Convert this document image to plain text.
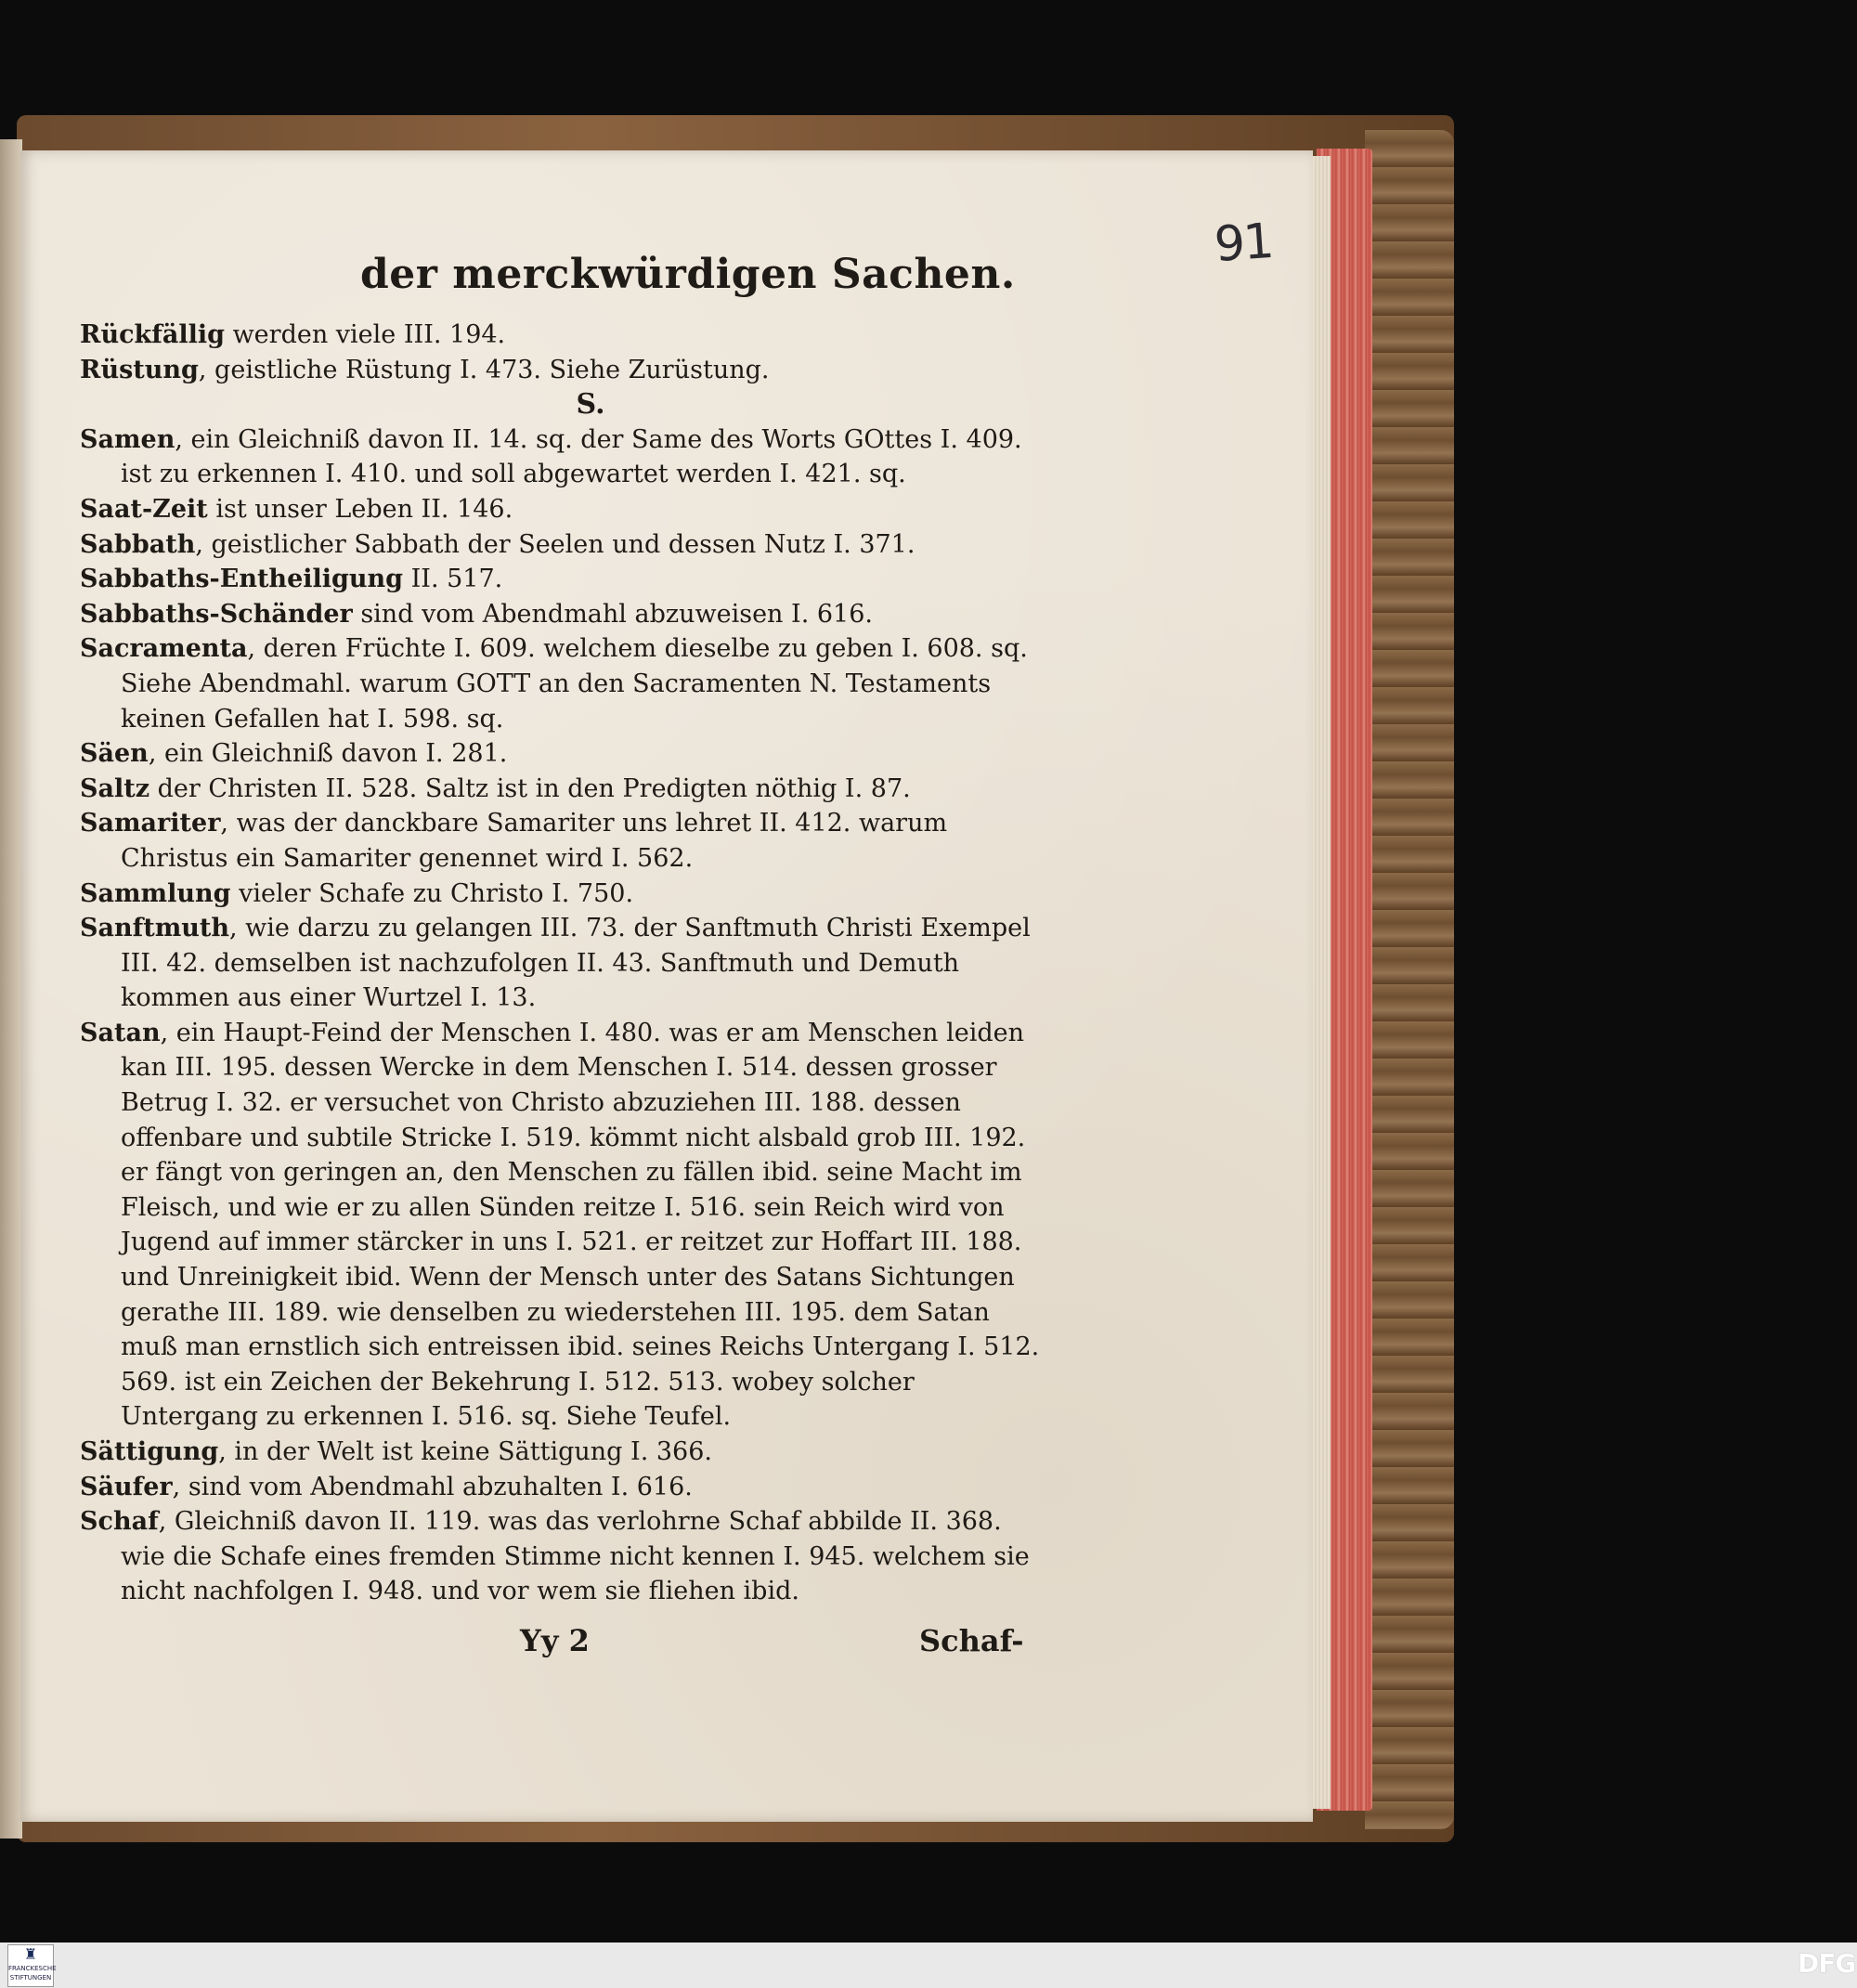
91
der merckwürdigen Sachen.

Rückfällig werden viele III. 194.

Rüstung, geistliche Rüstung I. 473. Siehe Zurüstung.

S.

Samen, ein Gleichniß davon II. 14. sq. der Same des Worts GOttes I. 409. ist zu erkennen I. 410. und soll abgewartet werden I. 421. sq.

Saat-Zeit ist unser Leben II. 146.

Sabbath, geistlicher Sabbath der Seelen und dessen Nutz I. 371.

Sabbaths-Entheiligung II. 517.

Sabbaths-Schänder sind vom Abendmahl abzuweisen I. 616.

Sacramenta, deren Früchte I. 609. welchem dieselbe zu geben I. 608. sq. Siehe Abendmahl. warum GOTT an den Sacramenten N. Testaments keinen Gefallen hat I. 598. sq.

Säen, ein Gleichniß davon I. 281.

Saltz der Christen II. 528. Saltz ist in den Predigten nöthig I. 87.

Samariter, was der danckbare Samariter uns lehret II. 412. warum Christus ein Samariter genennet wird I. 562.

Sammlung vieler Schafe zu Christo I. 750.

Sanftmuth, wie darzu zu gelangen III. 73. der Sanftmuth Christi Exempel III. 42. demselben ist nachzufolgen II. 43. Sanftmuth und Demuth kommen aus einer Wurtzel I. 13.

Satan, ein Haupt-Feind der Menschen I. 480. was er am Menschen leiden kan III. 195. dessen Wercke in dem Menschen I. 514. dessen grosser Betrug I. 32. er versuchet von Christo abzuziehen III. 188. dessen offenbare und subtile Stricke I. 519. kömmt nicht alsbald grob III. 192. er fängt von geringen an, den Menschen zu fällen ibid. seine Macht im Fleisch, und wie er zu allen Sünden reitze I. 516. sein Reich wird von Jugend auf immer stärcker in uns I. 521. er reitzet zur Hoffart III. 188. und Unreinigkeit ibid. Wenn der Mensch unter des Satans Sichtungen gerathe III. 189. wie denselben zu wiederstehen III. 195. dem Satan muß man ernstlich sich entreissen ibid. seines Reichs Untergang I. 512. 569. ist ein Zeichen der Bekehrung I. 512. 513. wobey solcher Untergang zu erkennen I. 516. sq. Siehe Teufel.

Sättigung, in der Welt ist keine Sättigung I. 366.

Säufer, sind vom Abendmahl abzuhalten I. 616.

Schaf, Gleichniß davon II. 119. was das verlohrne Schaf abbilde II. 368. wie die Schafe eines fremden Stimme nicht kennen I. 945. welchem sie nicht nachfolgen I. 948. und vor wem sie fliehen ibid.

Yy 2	Schaf-
♜
FRANCKESCHE STIFTUNGEN	DFG
